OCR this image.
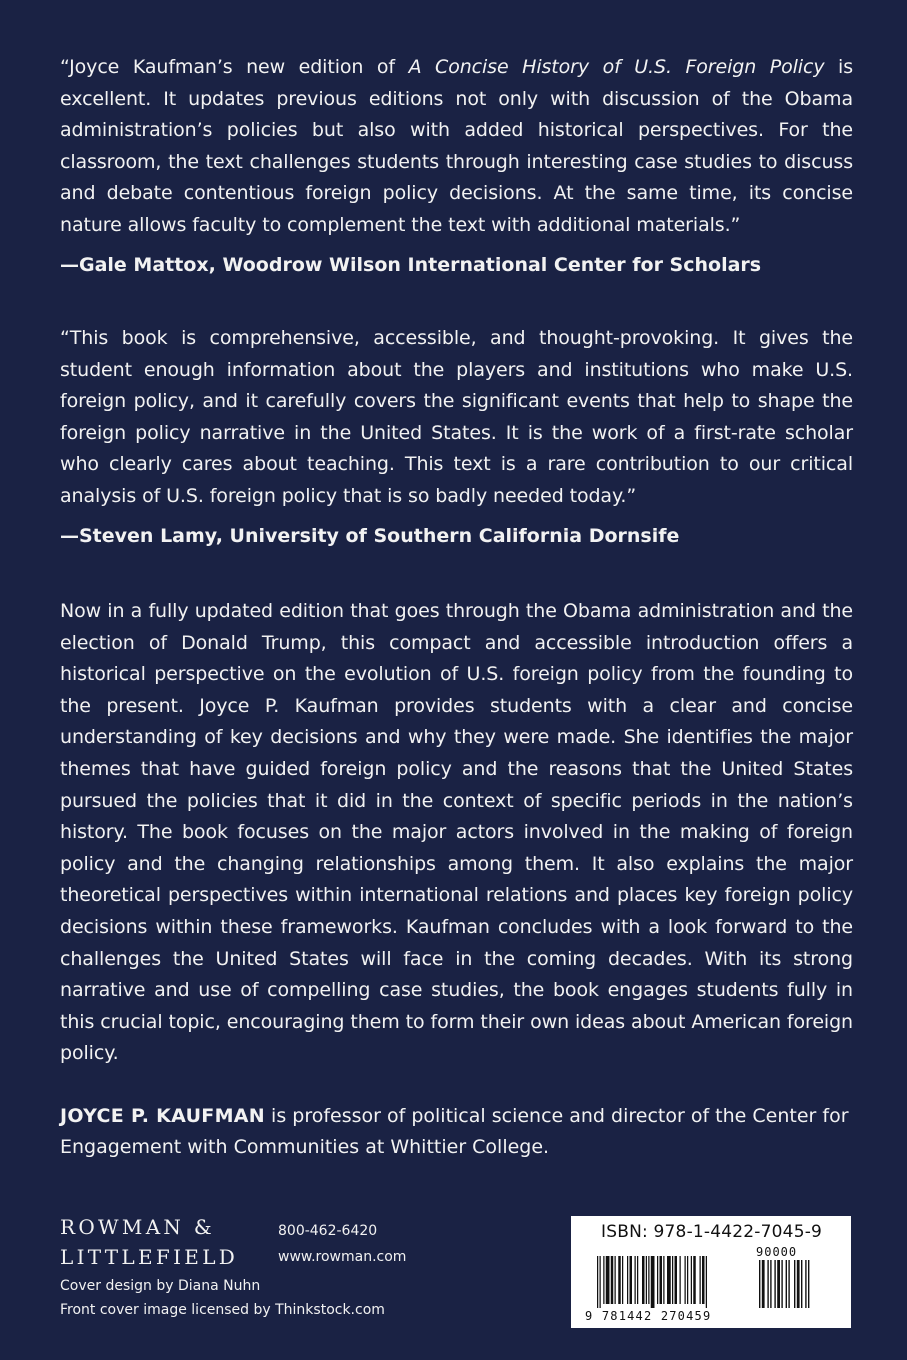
“Joyce Kaufman’s new edition of A Concise History of U.S. Foreign Policy is excellent. It updates previous editions not only with discussion of the Obama administration’s policies but also with added historical perspectives. For the classroom, the text challenges students through interesting case studies to discuss and debate contentious foreign policy decisions. At the same time, its concise nature allows faculty to complement the text with additional materials.”

—Gale Mattox, Woodrow Wilson International Center for Scholars

“This book is comprehensive, accessible, and thought-provoking. It gives the student enough information about the players and institutions who make U.S. foreign policy, and it carefully covers the significant events that help to shape the foreign policy narrative in the United States. It is the work of a first-rate scholar who clearly cares about teaching. This text is a rare contribution to our critical analysis of U.S. foreign policy that is so badly needed today.”

—Steven Lamy, University of Southern California Dornsife

Now in a fully updated edition that goes through the Obama administration and the election of Donald Trump, this compact and accessible introduction offers a historical perspective on the evolution of U.S. foreign policy from the founding to the present. Joyce P. Kaufman provides students with a clear and concise understanding of key decisions and why they were made. She identifies the major themes that have guided foreign policy and the reasons that the United States pursued the policies that it did in the context of specific periods in the nation’s history. The book focuses on the major actors involved in the making of foreign policy and the changing relationships among them. It also explains the major theoretical perspectives within international relations and places key foreign policy decisions within these frameworks. Kaufman concludes with a look forward to the challenges the United States will face in the coming decades. With its strong narrative and use of compelling case studies, the book engages students fully in this crucial topic, encouraging them to form their own ideas about American foreign policy.

JOYCE P. KAUFMAN is professor of political science and director of the Center for Engagement with Communities at Whittier College.

ROWMAN &
LITTLEFIELD
800-462-6420
www.rowman.com
Cover design by Diana Nuhn
Front cover image licensed by Thinkstock.com
ISBN: 978-1-4422-7045-9
90000
9 781442 270459
